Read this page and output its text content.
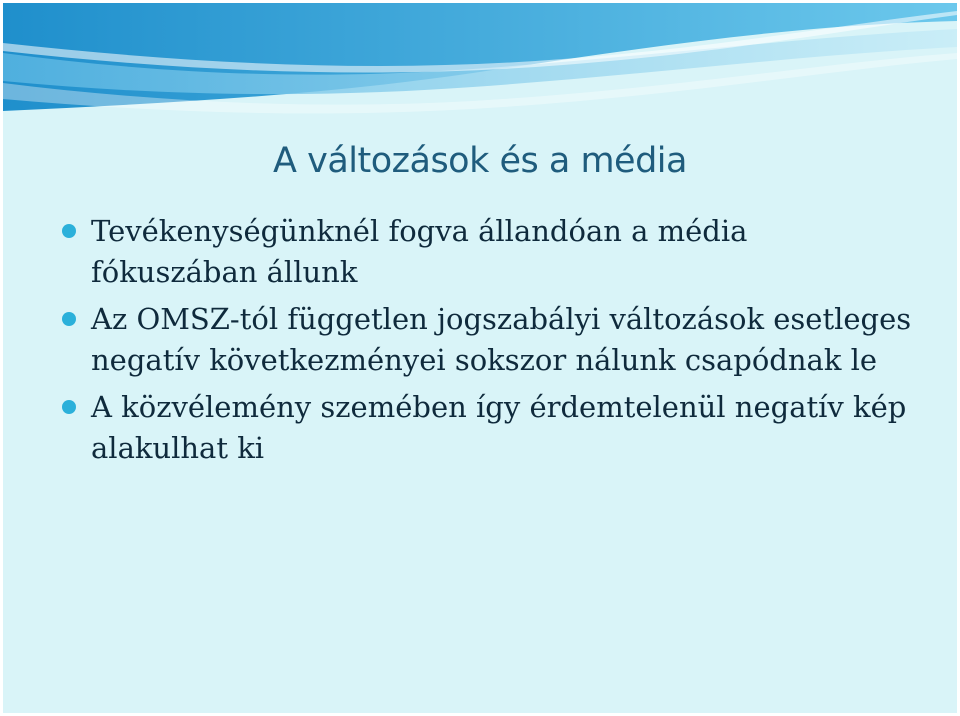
A változások és a média
Tevékenységünknél fogva állandóan a média fókuszában állunk
Az OMSZ-tól független jogszabályi változások esetleges negatív következményei sokszor nálunk csapódnak le
A közvélemény szemében így érdemtelenül negatív kép alakulhat ki
